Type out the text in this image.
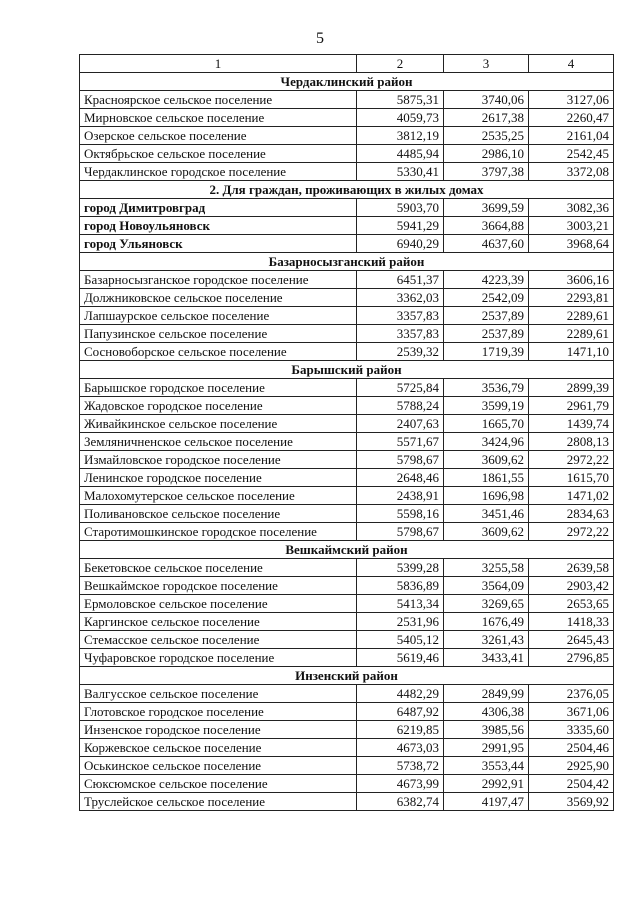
5
1	2	3	4
Чердаклинский район			
Красноярское сельское поселение	5875,31	3740,06	3127,06
Мирновское сельское поселение	4059,73	2617,38	2260,47
Озерское сельское поселение	3812,19	2535,25	2161,04
Октябрьское сельское поселение	4485,94	2986,10	2542,45
Чердаклинское городское поселение	5330,41	3797,38	3372,08
2. Для граждан, проживающих в жилых домах			
город Димитровград	5903,70	3699,59	3082,36
город Новоульяновск	5941,29	3664,88	3003,21
город Ульяновск	6940,29	4637,60	3968,64
Базарносызганский район			
Базарносызганское городское поселение	6451,37	4223,39	3606,16
Должниковское сельское поселение	3362,03	2542,09	2293,81
Лапшаурское сельское поселение	3357,83	2537,89	2289,61
Папузинское сельское поселение	3357,83	2537,89	2289,61
Сосновоборское сельское поселение	2539,32	1719,39	1471,10
Барышский район			
Барышское городское поселение	5725,84	3536,79	2899,39
Жадовское городское поселение	5788,24	3599,19	2961,79
Живайкинское сельское поселение	2407,63	1665,70	1439,74
Земляничненское сельское поселение	5571,67	3424,96	2808,13
Измайловское городское поселение	5798,67	3609,62	2972,22
Ленинское городское поселение	2648,46	1861,55	1615,70
Малохомутерское сельское поселение	2438,91	1696,98	1471,02
Поливановское сельское поселение	5598,16	3451,46	2834,63
Старотимошкинское городское поселение	5798,67	3609,62	2972,22
Вешкаймский район			
Бекетовское сельское поселение	5399,28	3255,58	2639,58
Вешкаймское городское поселение	5836,89	3564,09	2903,42
Ермоловское сельское поселение	5413,34	3269,65	2653,65
Каргинское сельское поселение	2531,96	1676,49	1418,33
Стемасское сельское поселение	5405,12	3261,43	2645,43
Чуфаровское городское поселение	5619,46	3433,41	2796,85
Инзенский район			
Валгусское сельское поселение	4482,29	2849,99	2376,05
Глотовское городское поселение	6487,92	4306,38	3671,06
Инзенское городское поселение	6219,85	3985,56	3335,60
Коржевское сельское поселение	4673,03	2991,95	2504,46
Оськинское сельское поселение	5738,72	3553,44	2925,90
Сюксюмское сельское поселение	4673,99	2992,91	2504,42
Труслейское сельское поселение	6382,74	4197,47	3569,92
